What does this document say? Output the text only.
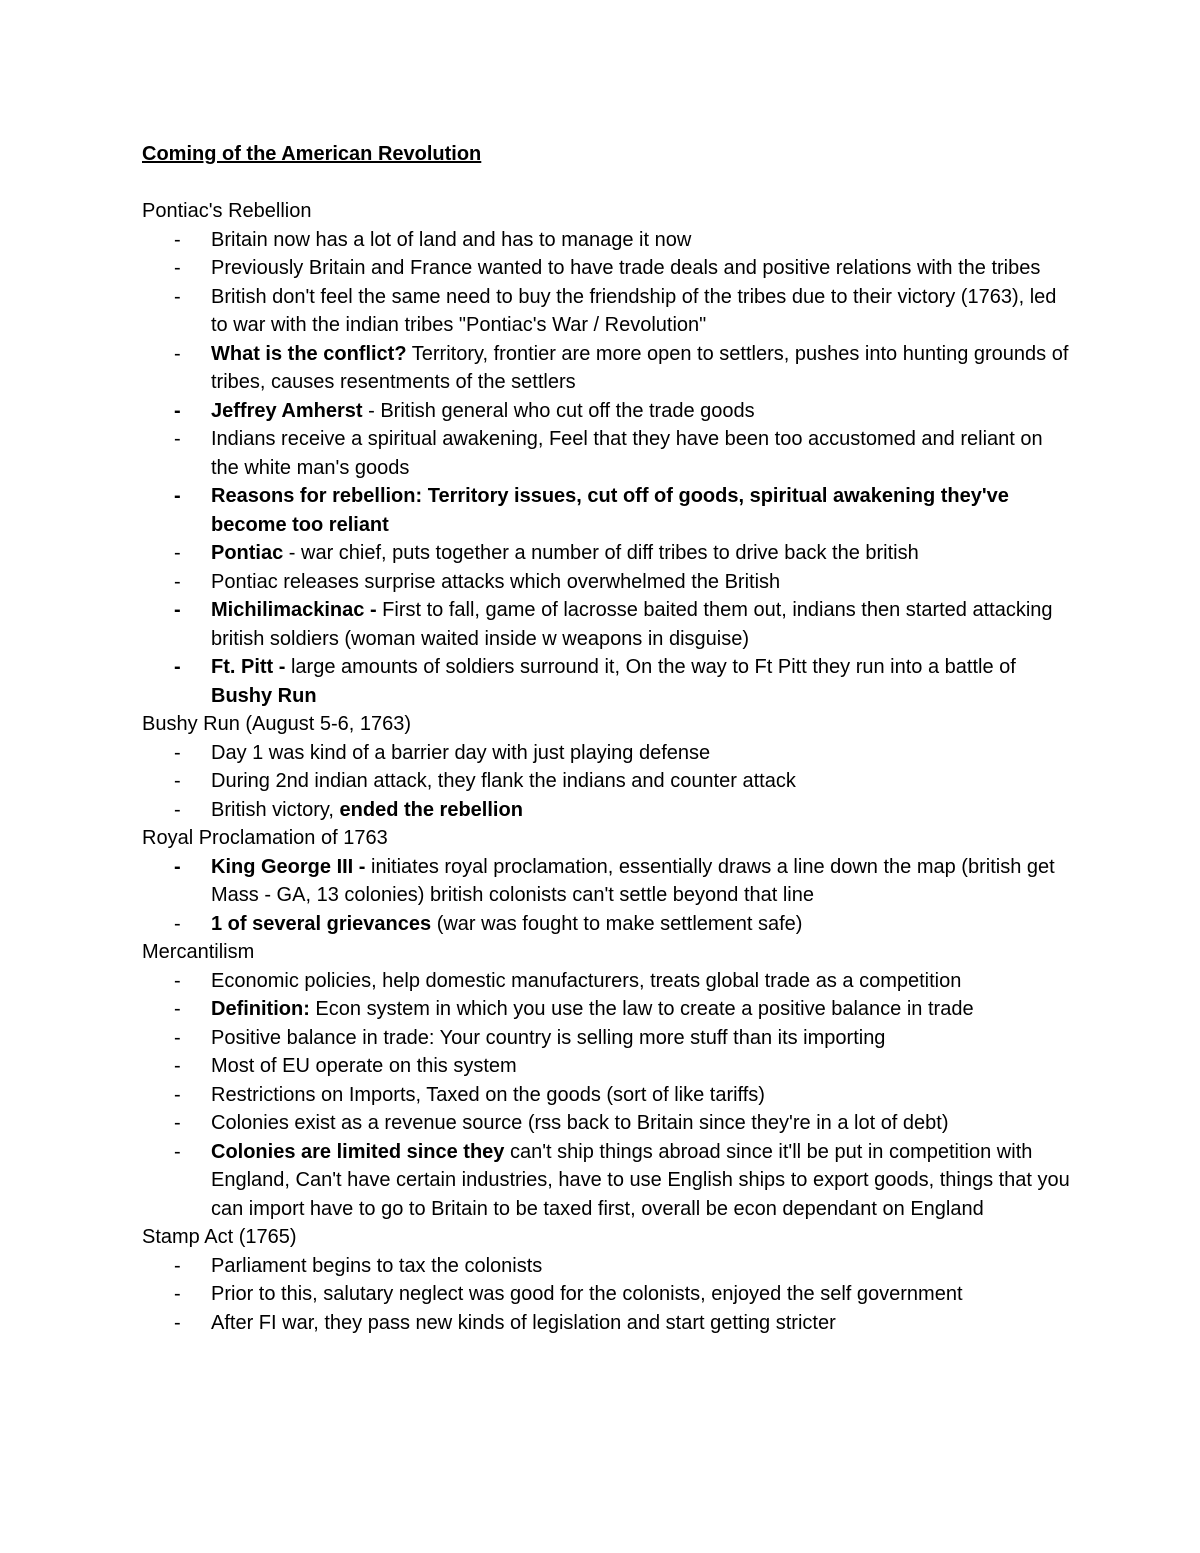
Coming of the American Revolution

Pontiac's Rebellion

- Britain now has a lot of land and has to manage it now
- Previously Britain and France wanted to have trade deals and positive relations with the tribes
- British don't feel the same need to buy the friendship of the tribes due to their victory (1763), led to war with the indian tribes "Pontiac's War / Revolution"
- What is the conflict? Territory, frontier are more open to settlers, pushes into hunting grounds of tribes, causes resentments of the settlers
- Jeffrey Amherst - British general who cut off the trade goods
- Indians receive a spiritual awakening, Feel that they have been too accustomed and reliant on the white man's goods
- Reasons for rebellion: Territory issues, cut off of goods, spiritual awakening they've become too reliant
- Pontiac - war chief, puts together a number of diff tribes to drive back the british
- Pontiac releases surprise attacks which overwhelmed the British
- Michilimackinac - First to fall, game of lacrosse baited them out, indians then started attacking british soldiers (woman waited inside w weapons in disguise)
- Ft. Pitt - large amounts of soldiers surround it, On the way to Ft Pitt they run into a battle of Bushy Run

Bushy Run (August 5-6, 1763)

- Day 1 was kind of a barrier day with just playing defense
- During 2nd indian attack, they flank the indians and counter attack
- British victory, ended the rebellion

Royal Proclamation of 1763

- King George III - initiates royal proclamation, essentially draws a line down the map (british get Mass - GA, 13 colonies) british colonists can't settle beyond that line
- 1 of several grievances (war was fought to make settlement safe)

Mercantilism

- Economic policies, help domestic manufacturers, treats global trade as a competition
- Definition: Econ system in which you use the law to create a positive balance in trade
- Positive balance in trade: Your country is selling more stuff than its importing
- Most of EU operate on this system
- Restrictions on Imports, Taxed on the goods (sort of like tariffs)
- Colonies exist as a revenue source (rss back to Britain since they're in a lot of debt)
- Colonies are limited since they can't ship things abroad since it'll be put in competition with England, Can't have certain industries, have to use English ships to export goods, things that you can import have to go to Britain to be taxed first, overall be econ dependant on England

Stamp Act (1765)

- Parliament begins to tax the colonists
- Prior to this, salutary neglect was good for the colonists, enjoyed the self government
- After FI war, they pass new kinds of legislation and start getting stricter
